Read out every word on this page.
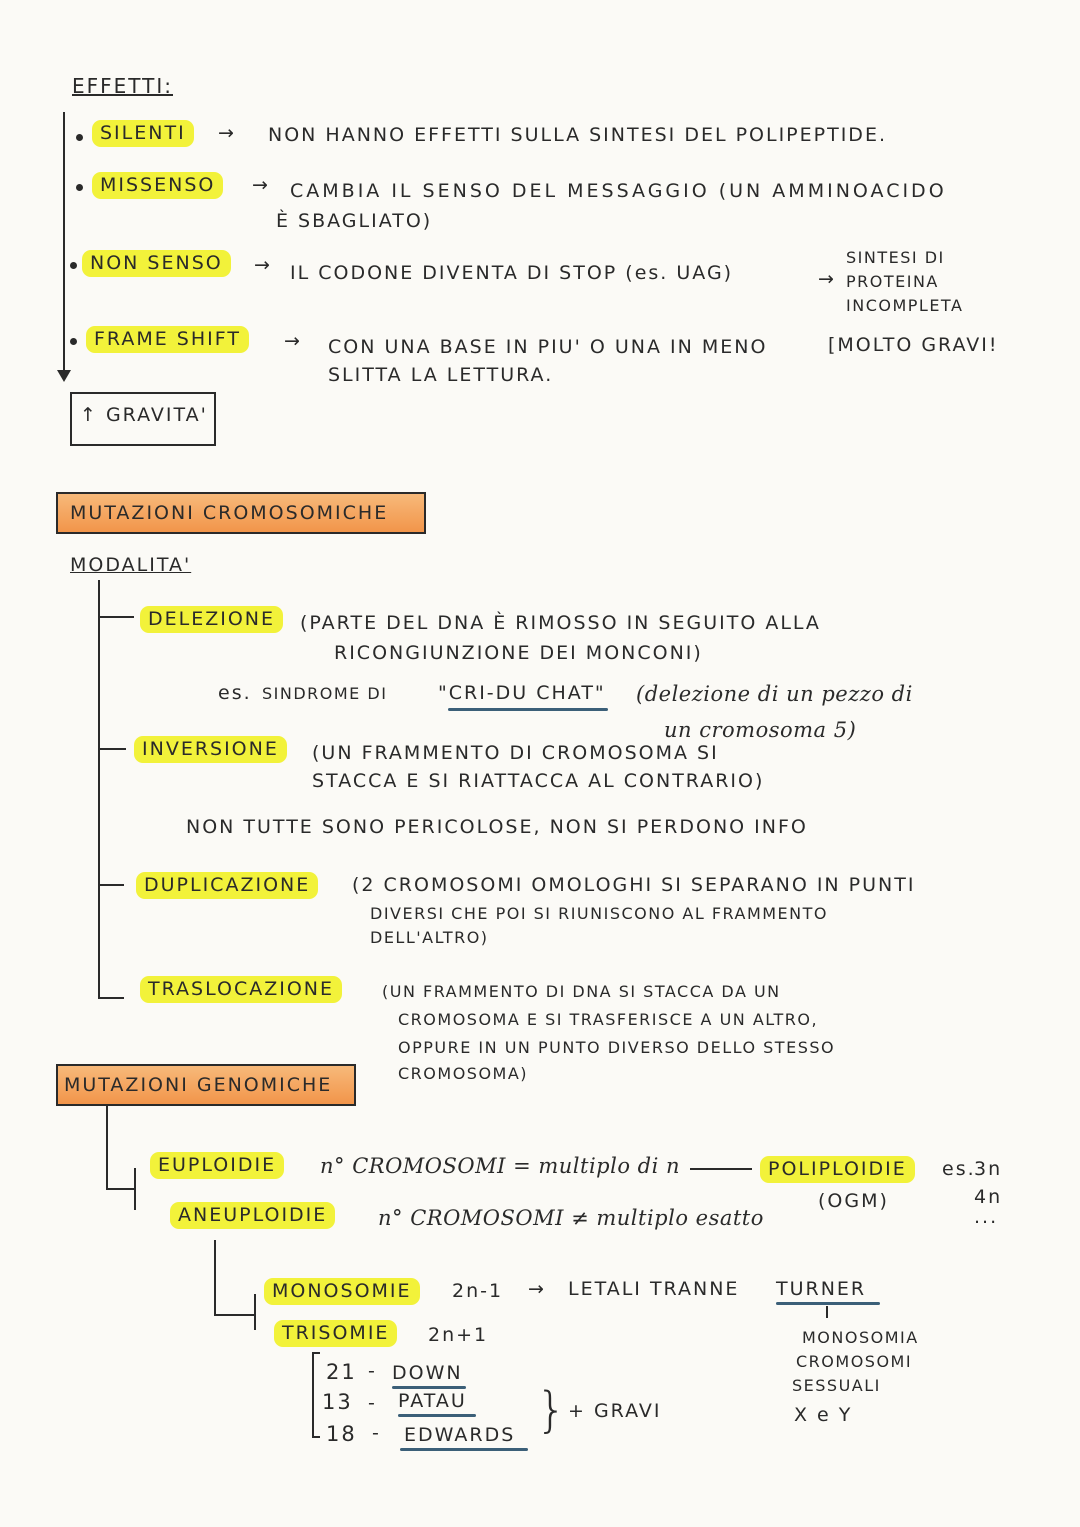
EFFETTI:
SILENTI	→ NON HANNO EFFETTI SULLA SINTESI DEL POLIPEPTIDE.
MISSENSO	→ CAMBIA IL SENSO DEL MESSAGGIO (UN AMMINOACIDO
È SBAGLIATO)
NON SENSO	→ IL CODONE DIVENTA DI STOP (es. UAG)	→
SINTESI DI
PROTEINA
INCOMPLETA
FRAME SHIFT	→ CON UNA BASE IN PIU' O UNA IN MENO
SLITTA LA LETTURA.
[MOLTO GRAVI!
↑ GRAVITA'
MUTAZIONI CROMOSOMICHE
MODALITA'
DELEZIONE	(PARTE DEL DNA È RIMOSSO IN SEGUITO ALLA
RICONGIUNZIONE DEI MONCONI)
es. SINDROME DI	"CRI-DU CHAT" (delezione di un pezzo di
un cromosoma 5)
INVERSIONE	(UN FRAMMENTO DI CROMOSOMA SI
STACCA E SI RIATTACCA AL CONTRARIO)
NON TUTTE SONO PERICOLOSE, NON SI PERDONO INFO
DUPLICAZIONE	(2 CROMOSOMI OMOLOGHI SI SEPARANO IN PUNTI
DIVERSI CHE POI SI RIUNISCONO AL FRAMMENTO
DELL'ALTRO)
TRASLOCAZIONE	(UN FRAMMENTO DI DNA SI STACCA DA UN
CROMOSOMA E SI TRASFERISCE A UN ALTRO,
OPPURE IN UN PUNTO DIVERSO DELLO STESSO
CROMOSOMA)
MUTAZIONI GENOMICHE
EUPLOIDIE	n° CROMOSOMI = multiplo di n	POLIPLOIDIE
(OGM)
es.
3n
4n
...
ANEUPLOIDIE	n° CROMOSOMI ≠ multiplo esatto
MONOSOMIE	2n-1 → LETALI TRANNE TURNER
MONOSOMIA
CROMOSOMI
SESSUALI
X e Y
TRISOMIE	2n+1
21 - DOWN
13 - PATAU
18 - EDWARDS } + GRAVI
